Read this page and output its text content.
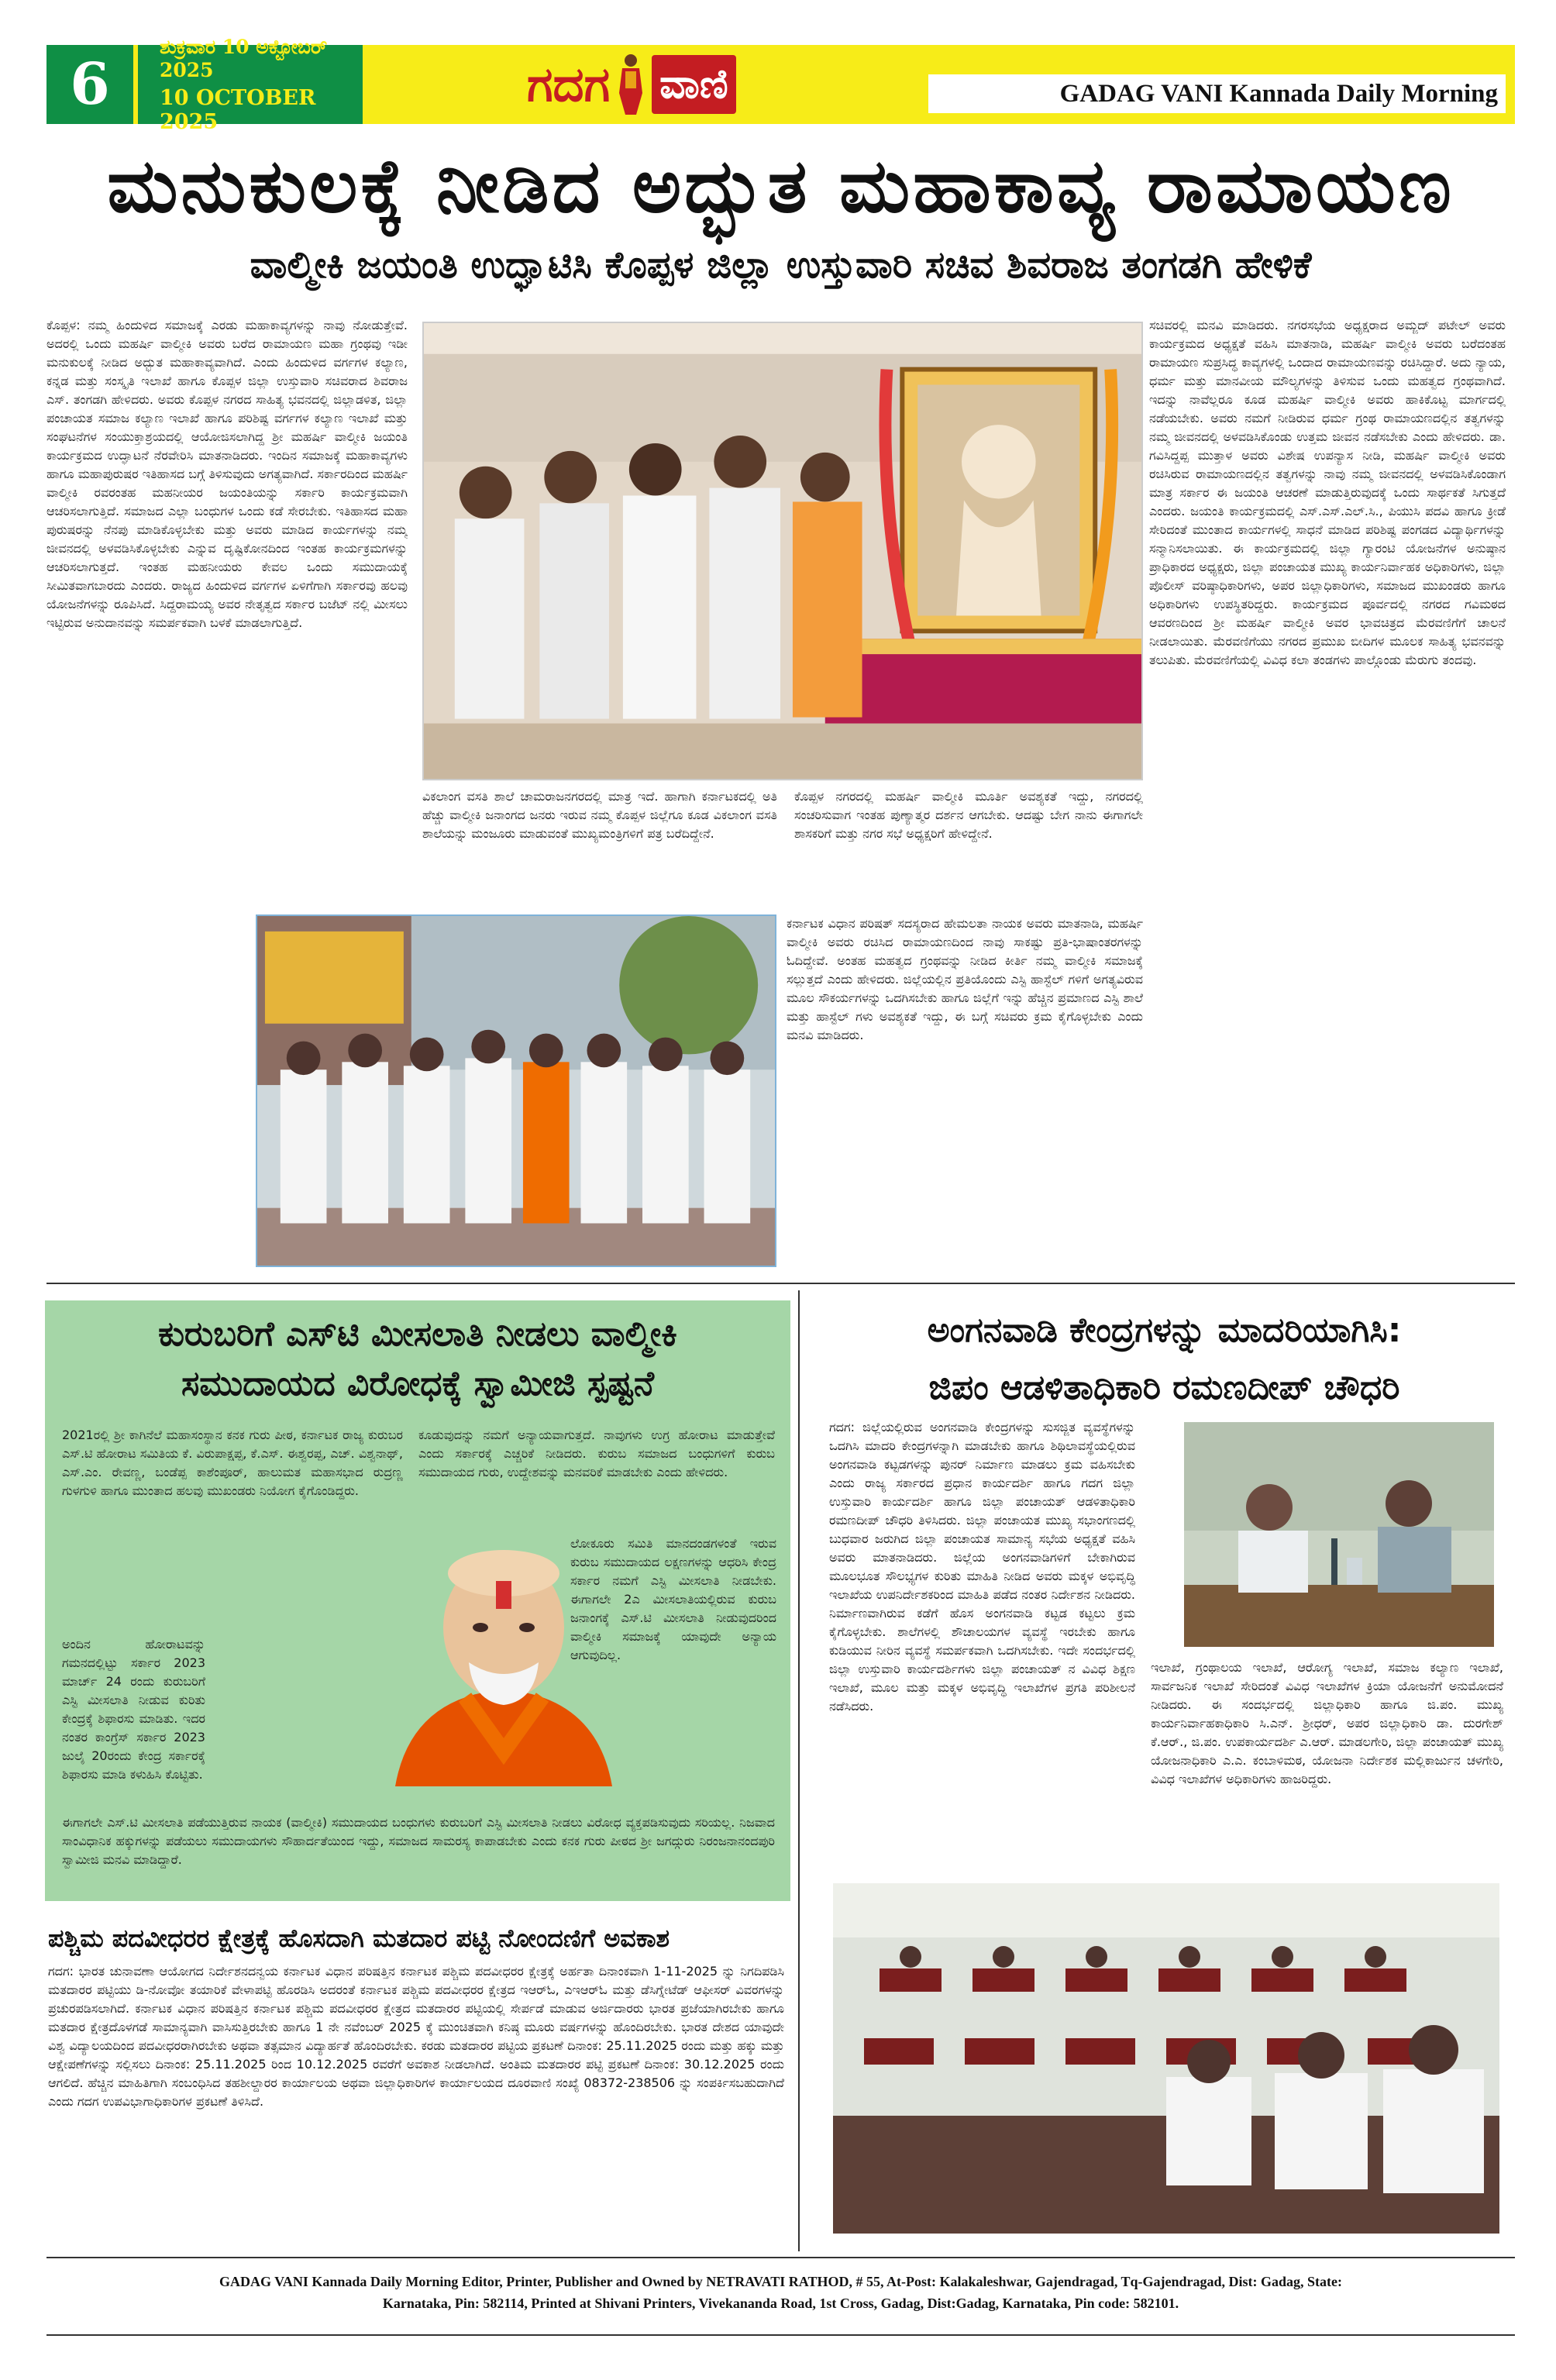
6
ಶುಕ್ರವಾರ 10 ಅಕ್ಟೋಬರ್ 2025
10 OCTOBER 2025
ಗದಗ ವಾಣಿ	GADAG VANI Kannada Daily Morning
ಮನುಕುಲಕ್ಕೆ ನೀಡಿದ ಅದ್ಭುತ ಮಹಾಕಾವ್ಯ ರಾಮಾಯಣ
ವಾಲ್ಮೀಕಿ ಜಯಂತಿ ಉದ್ಘಾಟಿಸಿ ಕೊಪ್ಪಳ ಜಿಲ್ಲಾ ಉಸ್ತುವಾರಿ ಸಚಿವ ಶಿವರಾಜ ತಂಗಡಗಿ ಹೇಳಿಕೆ

ಕೊಪ್ಪಳ: ನಮ್ಮ ಹಿಂದುಳಿದ ಸಮಾಜಕ್ಕೆ ಎರಡು ಮಹಾಕಾವ್ಯಗಳನ್ನು ನಾವು ನೋಡುತ್ತೇವೆ. ಅದರಲ್ಲಿ ಒಂದು ಮಹರ್ಷಿ ವಾಲ್ಮೀಕಿ ಅವರು ಬರೆದ ರಾಮಾಯಣ ಮಹಾ ಗ್ರಂಥವು ಇಡೀ ಮನುಕುಲಕ್ಕೆ ನೀಡಿದ ಅದ್ಭುತ ಮಹಾಕಾವ್ಯವಾಗಿದೆ. ಎಂದು ಹಿಂದುಳಿದ ವರ್ಗಗಳ ಕಲ್ಯಾಣ, ಕನ್ನಡ ಮತ್ತು ಸಂಸ್ಕೃತಿ ಇಲಾಖೆ ಹಾಗೂ ಕೊಪ್ಪಳ ಜಿಲ್ಲಾ ಉಸ್ತುವಾರಿ ಸಚಿವರಾದ ಶಿವರಾಜ ಎಸ್. ತಂಗಡಗಿ ಹೇಳಿದರು. ಅವರು ಕೊಪ್ಪಳ ನಗರದ ಸಾಹಿತ್ಯ ಭವನದಲ್ಲಿ ಜಿಲ್ಲಾಡಳಿತ, ಜಿಲ್ಲಾ ಪಂಚಾಯತ ಸಮಾಜ ಕಲ್ಯಾಣ ಇಲಾಖೆ ಹಾಗೂ ಪರಿಶಿಷ್ಟ ವರ್ಗಗಳ ಕಲ್ಯಾಣ ಇಲಾಖೆ ಮತ್ತು ಸಂಘಟನೆಗಳ ಸಂಯುಕ್ತಾಶ್ರಯದಲ್ಲಿ ಆಯೋಜಿಸಲಾಗಿದ್ದ ಶ್ರೀ ಮಹರ್ಷಿ ವಾಲ್ಮೀಕಿ ಜಯಂತಿ ಕಾರ್ಯಕ್ರಮದ ಉದ್ಘಾಟನೆ ನೆರವೇರಿಸಿ ಮಾತನಾಡಿದರು. ಇಂದಿನ ಸಮಾಜಕ್ಕೆ ಮಹಾಕಾವ್ಯಗಳು ಹಾಗೂ ಮಹಾಪುರುಷರ ಇತಿಹಾಸದ ಬಗ್ಗೆ ತಿಳಿಸುವುದು ಅಗತ್ಯವಾಗಿದೆ. ಸರ್ಕಾರದಿಂದ ಮಹರ್ಷಿ ವಾಲ್ಮೀಕಿ ರವರಂತಹ ಮಹನೀಯರ ಜಯಂತಿಯನ್ನು ಸರ್ಕಾರಿ ಕಾರ್ಯಕ್ರಮವಾಗಿ ಆಚರಿಸಲಾಗುತ್ತಿದೆ. ಸಮಾಜದ ಎಲ್ಲಾ ಬಂಧುಗಳ ಒಂದು ಕಡೆ ಸೇರಬೇಕು. ಇತಿಹಾಸದ ಮಹಾ ಪುರುಷರನ್ನು ನೆನಪು ಮಾಡಿಕೊಳ್ಳಬೇಕು ಮತ್ತು ಅವರು ಮಾಡಿದ ಕಾರ್ಯಗಳನ್ನು ನಮ್ಮ ಜೀವನದಲ್ಲಿ ಅಳವಡಿಸಿಕೊಳ್ಳಬೇಕು ಎನ್ನುವ ದೃಷ್ಟಿಕೋನದಿಂದ ಇಂತಹ ಕಾರ್ಯಕ್ರಮಗಳನ್ನು ಆಚರಿಸಲಾಗುತ್ತದೆ. ಇಂತಹ ಮಹನೀಯರು ಕೇವಲ ಒಂದು ಸಮುದಾಯಕ್ಕೆ ಸೀಮಿತವಾಗಬಾರದು ಎಂದರು. ರಾಜ್ಯದ ಹಿಂದುಳಿದ ವರ್ಗಗಳ ಏಳಿಗೆಗಾಗಿ ಸರ್ಕಾರವು ಹಲವು ಯೋಜನೆಗಳನ್ನು ರೂಪಿಸಿದೆ. ಸಿದ್ದರಾಮಯ್ಯ ಅವರ ನೇತೃತ್ವದ ಸರ್ಕಾರ ಬಜೆಟ್ ನಲ್ಲಿ ಮೀಸಲು ಇಟ್ಟಿರುವ ಅನುದಾನವನ್ನು ಸಮರ್ಪಕವಾಗಿ ಬಳಕೆ ಮಾಡಲಾಗುತ್ತಿದೆ.

ವಿಕಲಾಂಗ ವಸತಿ ಶಾಲೆ ಚಾಮರಾಜನಗರದಲ್ಲಿ ಮಾತ್ರ ಇದೆ. ಹಾಗಾಗಿ ಕರ್ನಾಟಕದಲ್ಲಿ ಅತಿ ಹೆಚ್ಚು ವಾಲ್ಮೀಕಿ ಜನಾಂಗದ ಜನರು ಇರುವ ನಮ್ಮ ಕೊಪ್ಪಳ ಜಿಲ್ಲೆಗೂ ಕೂಡ ವಿಕಲಾಂಗ ವಸತಿ ಶಾಲೆಯನ್ನು ಮಂಜೂರು ಮಾಡುವಂತೆ ಮುಖ್ಯಮಂತ್ರಿಗಳಿಗೆ ಪತ್ರ ಬರೆದಿದ್ದೇನೆ.

ಕೊಪ್ಪಳ ನಗರದಲ್ಲಿ ಮಹರ್ಷಿ ವಾಲ್ಮೀಕಿ ಮೂರ್ತಿ ಅವಶ್ಯಕತೆ ಇದ್ದು, ನಗರದಲ್ಲಿ ಸಂಚರಿಸುವಾಗ ಇಂತಹ ಪುಣ್ಯಾತ್ಮರ ದರ್ಶನ ಆಗಬೇಕು. ಆದಷ್ಟು ಬೇಗ ನಾನು ಈಗಾಗಲೇ ಶಾಸಕರಿಗೆ ಮತ್ತು ನಗರ ಸಭೆ ಅಧ್ಯಕ್ಷರಿಗೆ ಹೇಳಿದ್ದೇನೆ.

ಸಚಿವರಲ್ಲಿ ಮನವಿ ಮಾಡಿದರು. ನಗರಸಭೆಯ ಅಧ್ಯಕ್ಷರಾದ ಅಮ್ಜದ್ ಪಟೇಲ್ ಅವರು ಕಾರ್ಯಕ್ರಮದ ಅಧ್ಯಕ್ಷತೆ ವಹಿಸಿ ಮಾತನಾಡಿ, ಮಹರ್ಷಿ ವಾಲ್ಮೀಕಿ ಅವರು ಬರೆದಂತಹ ರಾಮಾಯಣ ಸುಪ್ರಸಿದ್ಧ ಕಾವ್ಯಗಳಲ್ಲಿ ಒಂದಾದ ರಾಮಾಯಣವನ್ನು ರಚಿಸಿದ್ದಾರೆ. ಅದು ನ್ಯಾಯ, ಧರ್ಮ ಮತ್ತು ಮಾನವೀಯ ಮೌಲ್ಯಗಳನ್ನು ತಿಳಿಸುವ ಒಂದು ಮಹತ್ವದ ಗ್ರಂಥವಾಗಿದೆ. ಇದನ್ನು ನಾವೆಲ್ಲರೂ ಕೂಡ ಮಹರ್ಷಿ ವಾಲ್ಮೀಕಿ ಅವರು ಹಾಕಿಕೊಟ್ಟ ಮಾರ್ಗದಲ್ಲಿ ನಡೆಯಬೇಕು. ಅವರು ನಮಗೆ ನೀಡಿರುವ ಧರ್ಮ ಗ್ರಂಥ ರಾಮಾಯಣದಲ್ಲಿನ ತತ್ವಗಳನ್ನು ನಮ್ಮ ಜೀವನದಲ್ಲಿ ಅಳವಡಿಸಿಕೊಂಡು ಉತ್ತಮ ಜೀವನ ನಡೆಸಬೇಕು ಎಂದು ಹೇಳಿದರು. ಡಾ. ಗವಿಸಿದ್ದಪ್ಪ ಮುತ್ತಾಳ ಅವರು ವಿಶೇಷ ಉಪನ್ಯಾಸ ನೀಡಿ, ಮಹರ್ಷಿ ವಾಲ್ಮೀಕಿ ಅವರು ರಚಿಸಿರುವ ರಾಮಾಯಣದಲ್ಲಿನ ತತ್ವಗಳನ್ನು ನಾವು ನಮ್ಮ ಜೀವನದಲ್ಲಿ ಅಳವಡಿಸಿಕೊಂಡಾಗ ಮಾತ್ರ ಸರ್ಕಾರ ಈ ಜಯಂತಿ ಆಚರಣೆ ಮಾಡುತ್ತಿರುವುದಕ್ಕೆ ಒಂದು ಸಾರ್ಥಕತೆ ಸಿಗುತ್ತದೆ ಎಂದರು. ಜಯಂತಿ ಕಾರ್ಯಕ್ರಮದಲ್ಲಿ ಎಸ್.ಎಸ್.ಎಲ್.ಸಿ., ಪಿಯುಸಿ ಪದವಿ ಹಾಗೂ ಕ್ರೀಡೆ ಸೇರಿದಂತೆ ಮುಂತಾದ ಕಾರ್ಯಗಳಲ್ಲಿ ಸಾಧನೆ ಮಾಡಿದ ಪರಿಶಿಷ್ಟ ಪಂಗಡದ ವಿದ್ಯಾರ್ಥಿಗಳನ್ನು ಸನ್ಮಾನಿಸಲಾಯಿತು. ಈ ಕಾರ್ಯಕ್ರಮದಲ್ಲಿ ಜಿಲ್ಲಾ ಗ್ಯಾರಂಟಿ ಯೋಜನೆಗಳ ಅನುಷ್ಠಾನ ಪ್ರಾಧಿಕಾರದ ಅಧ್ಯಕ್ಷರು, ಜಿಲ್ಲಾ ಪಂಚಾಯತ ಮುಖ್ಯ ಕಾರ್ಯನಿರ್ವಾಹಕ ಅಧಿಕಾರಿಗಳು, ಜಿಲ್ಲಾ ಪೊಲೀಸ್ ವರಿಷ್ಠಾಧಿಕಾರಿಗಳು, ಅಪರ ಜಿಲ್ಲಾಧಿಕಾರಿಗಳು, ಸಮಾಜದ ಮುಖಂಡರು ಹಾಗೂ ಅಧಿಕಾರಿಗಳು ಉಪಸ್ಥಿತರಿದ್ದರು. ಕಾರ್ಯಕ್ರಮದ ಪೂರ್ವದಲ್ಲಿ ನಗರದ ಗವಿಮಠದ ಆವರಣದಿಂದ ಶ್ರೀ ಮಹರ್ಷಿ ವಾಲ್ಮೀಕಿ ಅವರ ಭಾವಚಿತ್ರದ ಮೆರವಣಿಗೆಗೆ ಚಾಲನೆ ನೀಡಲಾಯಿತು. ಮೆರವಣಿಗೆಯು ನಗರದ ಪ್ರಮುಖ ಬೀದಿಗಳ ಮೂಲಕ ಸಾಹಿತ್ಯ ಭವನವನ್ನು ತಲುಪಿತು. ಮೆರವಣಿಗೆಯಲ್ಲಿ ವಿವಿಧ ಕಲಾ ತಂಡಗಳು ಪಾಲ್ಗೊಂಡು ಮೆರುಗು ತಂದವು.

ಕರ್ನಾಟಕ ವಿಧಾನ ಪರಿಷತ್ ಸದಸ್ಯರಾದ ಹೇಮಲತಾ ನಾಯಕ ಅವರು ಮಾತನಾಡಿ, ಮಹರ್ಷಿ ವಾಲ್ಮೀಕಿ ಅವರು ರಚಿಸಿದ ರಾಮಾಯಣದಿಂದ ನಾವು ಸಾಕಷ್ಟು ಪ್ರತಿ-ಭಾಷಾಂತರಗಳನ್ನು ಓದಿದ್ದೇವೆ. ಅಂತಹ ಮಹತ್ವದ ಗ್ರಂಥವನ್ನು ನೀಡಿದ ಕೀರ್ತಿ ನಮ್ಮ ವಾಲ್ಮೀಕಿ ಸಮಾಜಕ್ಕೆ ಸಲ್ಲುತ್ತದೆ ಎಂದು ಹೇಳಿದರು. ಜಿಲ್ಲೆಯಲ್ಲಿನ ಪ್ರತಿಯೊಂದು ಎಸ್ಟಿ ಹಾಸ್ಟೆಲ್ ಗಳಿಗೆ ಅಗತ್ಯವಿರುವ ಮೂಲ ಸೌಕರ್ಯಗಳನ್ನು ಒದಗಿಸಬೇಕು ಹಾಗೂ ಜಿಲ್ಲೆಗೆ ಇನ್ನು ಹೆಚ್ಚಿನ ಪ್ರಮಾಣದ ಎಸ್ಟಿ ಶಾಲೆ ಮತ್ತು ಹಾಸ್ಟೆಲ್ ಗಳು ಅವಶ್ಯಕತೆ ಇದ್ದು, ಈ ಬಗ್ಗೆ ಸಚಿವರು ಕ್ರಮ ಕೈಗೊಳ್ಳಬೇಕು ಎಂದು ಮನವಿ ಮಾಡಿದರು.

ಕುರುಬರಿಗೆ ಎಸ್‌ಟಿ ಮೀಸಲಾತಿ ನೀಡಲು ವಾಲ್ಮೀಕಿ
ಸಮುದಾಯದ ವಿರೋಧಕ್ಕೆ ಸ್ವಾಮೀಜಿ ಸ್ಪಷ್ಟನೆ
2021ರಲ್ಲಿ ಶ್ರೀ ಕಾಗಿನೆಲೆ ಮಹಾಸಂಸ್ಥಾನ ಕನಕ ಗುರು ಪೀಠ, ಕರ್ನಾಟಕ ರಾಜ್ಯ ಕುರುಬರ ಎಸ್.ಟಿ ಹೋರಾಟ ಸಮಿತಿಯ ಕೆ. ವಿರುಪಾಕ್ಷಪ್ಪ, ಕೆ.ಎಸ್. ಈಶ್ವರಪ್ಪ, ಎಚ್. ವಿಶ್ವನಾಥ್, ಎಸ್.ಎಂ. ರೇವಣ್ಣ, ಬಂಡೆಪ್ಪ ಕಾಶೆಂಪೂರ್, ಹಾಲುಮತ ಮಹಾಸಭಾದ ರುದ್ರಣ್ಣ ಗುಳಗುಳಿ ಹಾಗೂ ಮುಂತಾದ ಹಲವು ಮುಖಂಡರು ನಿಯೋಗ ಕೈಗೊಂಡಿದ್ದರು.
ಕೂಡುವುದನ್ನು ನಮಗೆ ಅನ್ಯಾಯವಾಗುತ್ತದೆ. ನಾವುಗಳು ಉಗ್ರ ಹೋರಾಟ ಮಾಡುತ್ತೇವೆ ಎಂದು ಸರ್ಕಾರಕ್ಕೆ ಎಚ್ಚರಿಕೆ ನೀಡಿದರು. ಕುರುಬ ಸಮಾಜದ ಬಂಧುಗಳಿಗೆ ಕುರುಬ ಸಮುದಾಯದ ಗುರು, ಉದ್ದೇಶವನ್ನು ಮನವರಿಕೆ ಮಾಡಬೇಕು ಎಂದು ಹೇಳಿದರು.
ಅಂದಿನ ಹೋರಾಟವನ್ನು ಗಮನದಲ್ಲಿಟ್ಟು ಸರ್ಕಾರ 2023 ಮಾರ್ಚ್ 24 ರಂದು ಕುರುಬರಿಗೆ ಎಸ್ಟಿ ಮೀಸಲಾತಿ ನೀಡುವ ಕುರಿತು ಕೇಂದ್ರಕ್ಕೆ ಶಿಫಾರಸು ಮಾಡಿತು. ಇದರ ನಂತರ ಕಾಂಗ್ರೆಸ್ ಸರ್ಕಾರ 2023 ಜುಲೈ 20ರಂದು ಕೇಂದ್ರ ಸರ್ಕಾರಕ್ಕೆ ಶಿಫಾರಸು ಮಾಡಿ ಕಳುಹಿಸಿ ಕೊಟ್ಟಿತು.
ಲೋಕೂರು ಸಮಿತಿ ಮಾನದಂಡಗಳಂತೆ ಇರುವ ಕುರುಬ ಸಮುದಾಯದ ಲಕ್ಷಣಗಳನ್ನು ಆಧರಿಸಿ ಕೇಂದ್ರ ಸರ್ಕಾರ ನಮಗೆ ಎಸ್ಟಿ ಮೀಸಲಾತಿ ನೀಡಬೇಕು. ಈಗಾಗಲೇ 2ಎ ಮೀಸಲಾತಿಯಲ್ಲಿರುವ ಕುರುಬ ಜನಾಂಗಕ್ಕೆ ಎಸ್.ಟಿ ಮೀಸಲಾತಿ ನೀಡುವುದರಿಂದ ವಾಲ್ಮೀಕಿ ಸಮಾಜಕ್ಕೆ ಯಾವುದೇ ಅನ್ಯಾಯ ಆಗುವುದಿಲ್ಲ.
ಈಗಾಗಲೇ ಎಸ್.ಟಿ ಮೀಸಲಾತಿ ಪಡೆಯುತ್ತಿರುವ ನಾಯಕ (ವಾಲ್ಮೀಕಿ) ಸಮುದಾಯದ ಬಂಧುಗಳು ಕುರುಬರಿಗೆ ಎಸ್ಟಿ ಮೀಸಲಾತಿ ನೀಡಲು ವಿರೋಧ ವ್ಯಕ್ತಪಡಿಸುವುದು ಸರಿಯಲ್ಲ. ನಿಜವಾದ ಸಾಂವಿಧಾನಿಕ ಹಕ್ಕುಗಳನ್ನು ಪಡೆಯಲು ಸಮುದಾಯಗಳು ಸೌಹಾರ್ದತೆಯಿಂದ ಇದ್ದು, ಸಮಾಜದ ಸಾಮರಸ್ಯ ಕಾಪಾಡಬೇಕು ಎಂದು ಕನಕ ಗುರು ಪೀಠದ ಶ್ರೀ ಜಗದ್ಗುರು ನಿರಂಜನಾನಂದಪುರಿ ಸ್ವಾಮೀಜಿ ಮನವಿ ಮಾಡಿದ್ದಾರೆ.
ಪಶ್ಚಿಮ ಪದವೀಧರರ ಕ್ಷೇತ್ರಕ್ಕೆ ಹೊಸದಾಗಿ ಮತದಾರ ಪಟ್ಟಿ ನೋಂದಣಿಗೆ ಅವಕಾಶ
ಗದಗ: ಭಾರತ ಚುನಾವಣಾ ಆಯೋಗದ ನಿರ್ದೇಶನದನ್ವಯ ಕರ್ನಾಟಕ ವಿಧಾನ ಪರಿಷತ್ತಿನ ಕರ್ನಾಟಕ ಪಶ್ಚಿಮ ಪದವೀಧರರ ಕ್ಷೇತ್ರಕ್ಕೆ ಅರ್ಹತಾ ದಿನಾಂಕವಾಗಿ 1-11-2025 ನ್ನು ನಿಗದಿಪಡಿಸಿ ಮತದಾರರ ಪಟ್ಟಿಯು ಡಿ-ನೋವೋ ತಯಾರಿಕೆ ವೇಳಾಪಟ್ಟಿ ಹೊರಡಿಸಿ ಅದರಂತೆ ಕರ್ನಾಟಕ ಪಶ್ಚಿಮ ಪದವೀಧರರ ಕ್ಷೇತ್ರದ ಇಆರ್‌ಓ, ಎಇಆರ್‌ಓ ಮತ್ತು ಡೆಸಿಗ್ನೇಟೆಡ್ ಆಫೀಸರ್ ವಿವರಗಳನ್ನು ಪ್ರಚುರಪಡಿಸಲಾಗಿದೆ. ಕರ್ನಾಟಕ ವಿಧಾನ ಪರಿಷತ್ತಿನ ಕರ್ನಾಟಕ ಪಶ್ಚಿಮ ಪದವೀಧರರ ಕ್ಷೇತ್ರದ ಮತದಾರರ ಪಟ್ಟಿಯಲ್ಲಿ ಸೇರ್ಪಡೆ ಮಾಡುವ ಅರ್ಜಿದಾರರು ಭಾರತ ಪ್ರಜೆಯಾಗಿರಬೇಕು ಹಾಗೂ ಮತದಾರ ಕ್ಷೇತ್ರದೊಳಗಡೆ ಸಾಮಾನ್ಯವಾಗಿ ವಾಸಿಸುತ್ತಿರಬೇಕು ಹಾಗೂ 1 ನೇ ನವೆಂಬರ್ 2025 ಕ್ಕೆ ಮುಂಚಿತವಾಗಿ ಕನಿಷ್ಠ ಮೂರು ವರ್ಷಗಳನ್ನು ಹೊಂದಿರಬೇಕು. ಭಾರತ ದೇಶದ ಯಾವುದೇ ವಿಶ್ವ ವಿದ್ಯಾಲಯದಿಂದ ಪದವೀಧರರಾಗಿರಬೇಕು ಅಥವಾ ತತ್ಸಮಾನ ವಿದ್ಯಾರ್ಹತೆ ಹೊಂದಿರಬೇಕು. ಕರಡು ಮತದಾರರ ಪಟ್ಟಿಯ ಪ್ರಕಟಣೆ ದಿನಾಂಕ: 25.11.2025 ರಂದು ಮತ್ತು ಹಕ್ಕು ಮತ್ತು ಆಕ್ಷೇಪಣೆಗಳನ್ನು ಸಲ್ಲಿಸಲು ದಿನಾಂಕ: 25.11.2025 ರಿಂದ 10.12.2025 ರವರೆಗೆ ಅವಕಾಶ ನೀಡಲಾಗಿದೆ. ಅಂತಿಮ ಮತದಾರರ ಪಟ್ಟಿ ಪ್ರಕಟಣೆ ದಿನಾಂಕ: 30.12.2025 ರಂದು ಆಗಲಿದೆ. ಹೆಚ್ಚಿನ ಮಾಹಿತಿಗಾಗಿ ಸಂಬಂಧಿಸಿದ ತಹಶೀಲ್ದಾರರ ಕಾರ್ಯಾಲಯ ಅಥವಾ ಜಿಲ್ಲಾಧಿಕಾರಿಗಳ ಕಾರ್ಯಾಲಯದ ದೂರವಾಣಿ ಸಂಖ್ಯೆ 08372-238506 ನ್ನು ಸಂಪರ್ಕಿಸಬಹುದಾಗಿದೆ ಎಂದು ಗದಗ ಉಪವಿಭಾಗಾಧಿಕಾರಿಗಳ ಪ್ರಕಟಣೆ ತಿಳಿಸಿದೆ.
ಅಂಗನವಾಡಿ ಕೇಂದ್ರಗಳನ್ನು ಮಾದರಿಯಾಗಿಸಿ:
ಜಿಪಂ ಆಡಳಿತಾಧಿಕಾರಿ ರಮಣದೀಪ್ ಚೌಧರಿ
ಗದಗ: ಜಿಲ್ಲೆಯಲ್ಲಿರುವ ಅಂಗನವಾಡಿ ಕೇಂದ್ರಗಳನ್ನು ಸುಸಜ್ಜಿತ ವ್ಯವಸ್ಥೆಗಳನ್ನು ಒದಗಿಸಿ ಮಾದರಿ ಕೇಂದ್ರಗಳನ್ನಾಗಿ ಮಾಡಬೇಕು ಹಾಗೂ ಶಿಥಿಲಾವಸ್ಥೆಯಲ್ಲಿರುವ ಅಂಗನವಾಡಿ ಕಟ್ಟಡಗಳನ್ನು ಪುನರ್ ನಿರ್ಮಾಣ ಮಾಡಲು ಕ್ರಮ ವಹಿಸಬೇಕು ಎಂದು ರಾಜ್ಯ ಸರ್ಕಾರದ ಪ್ರಧಾನ ಕಾರ್ಯದರ್ಶಿ ಹಾಗೂ ಗದಗ ಜಿಲ್ಲಾ ಉಸ್ತುವಾರಿ ಕಾರ್ಯದರ್ಶಿ ಹಾಗೂ ಜಿಲ್ಲಾ ಪಂಚಾಯತ್ ಆಡಳಿತಾಧಿಕಾರಿ ರಮಣದೀಪ್ ಚೌಧರಿ ತಿಳಿಸಿದರು. ಜಿಲ್ಲಾ ಪಂಚಾಯತ ಮುಖ್ಯ ಸಭಾಂಗಣದಲ್ಲಿ ಬುಧವಾರ ಜರುಗಿದ ಜಿಲ್ಲಾ ಪಂಚಾಯತ ಸಾಮಾನ್ಯ ಸಭೆಯ ಅಧ್ಯಕ್ಷತೆ ವಹಿಸಿ ಅವರು ಮಾತನಾಡಿದರು. ಜಿಲ್ಲೆಯ ಅಂಗನವಾಡಿಗಳಿಗೆ ಬೇಕಾಗಿರುವ ಮೂಲಭೂತ ಸೌಲಭ್ಯಗಳ ಕುರಿತು ಮಾಹಿತಿ ನೀಡಿದ ಅವರು ಮಕ್ಕಳ ಅಭಿವೃದ್ಧಿ ಇಲಾಖೆಯ ಉಪನಿರ್ದೇಶಕರಿಂದ ಮಾಹಿತಿ ಪಡೆದ ನಂತರ ನಿರ್ದೇಶನ ನೀಡಿದರು. ನಿರ್ಮಾಣವಾಗಿರುವ ಕಡೆಗೆ ಹೊಸ ಅಂಗನವಾಡಿ ಕಟ್ಟಡ ಕಟ್ಟಲು ಕ್ರಮ ಕೈಗೊಳ್ಳಬೇಕು. ಶಾಲೆಗಳಲ್ಲಿ ಶೌಚಾಲಯಗಳ ವ್ಯವಸ್ಥೆ ಇರಬೇಕು ಹಾಗೂ ಕುಡಿಯುವ ನೀರಿನ ವ್ಯವಸ್ಥೆ ಸಮರ್ಪಕವಾಗಿ ಒದಗಿಸಬೇಕು. ಇದೇ ಸಂದರ್ಭದಲ್ಲಿ ಜಿಲ್ಲಾ ಉಸ್ತುವಾರಿ ಕಾರ್ಯದರ್ಶಿಗಳು ಜಿಲ್ಲಾ ಪಂಚಾಯತ್ ನ ವಿವಿಧ ಶಿಕ್ಷಣ ಇಲಾಖೆ, ಮೂಲ ಮತ್ತು ಮಕ್ಕಳ ಅಭಿವೃದ್ಧಿ ಇಲಾಖೆಗಳ ಪ್ರಗತಿ ಪರಿಶೀಲನೆ ನಡೆಸಿದರು.
ಇಲಾಖೆ, ಗ್ರಂಥಾಲಯ ಇಲಾಖೆ, ಆರೋಗ್ಯ ಇಲಾಖೆ, ಸಮಾಜ ಕಲ್ಯಾಣ ಇಲಾಖೆ, ಸಾರ್ವಜನಿಕ ಇಲಾಖೆ ಸೇರಿದಂತೆ ವಿವಿಧ ಇಲಾಖೆಗಳ ಕ್ರಿಯಾ ಯೋಜನೆಗೆ ಅನುಮೋದನೆ ನೀಡಿದರು. ಈ ಸಂದರ್ಭದಲ್ಲಿ ಜಿಲ್ಲಾಧಿಕಾರಿ ಹಾಗೂ ಜಿ.ಪಂ. ಮುಖ್ಯ ಕಾರ್ಯನಿರ್ವಾಹಕಾಧಿಕಾರಿ ಸಿ.ಎನ್. ಶ್ರೀಧರ್, ಅಪರ ಜಿಲ್ಲಾಧಿಕಾರಿ ಡಾ. ದುರಗೇಶ್ ಕೆ.ಆರ್., ಜಿ.ಪಂ. ಉಪಕಾರ್ಯದರ್ಶಿ ಎ.ಆರ್. ಮಾಡಲಗೇರಿ, ಜಿಲ್ಲಾ ಪಂಚಾಯತ್ ಮುಖ್ಯ ಯೋಜನಾಧಿಕಾರಿ ಎ.ಎ. ಕಂಬಾಳಿಮಠ, ಯೋಜನಾ ನಿರ್ದೇಶಕ ಮಲ್ಲಿಕಾರ್ಜುನ ಚಳಗೇರಿ, ವಿವಿಧ ಇಲಾಖೆಗಳ ಅಧಿಕಾರಿಗಳು ಹಾಜರಿದ್ದರು.
GADAG VANI Kannada Daily Morning Editor, Printer, Publisher and Owned by NETRAVATI RATHOD, # 55, At-Post: Kalakaleshwar, Gajendragad, Tq-Gajendragad, Dist: Gadag, State:
Karnataka, Pin: 582114, Printed at Shivani Printers, Vivekananda Road, 1st Cross, Gadag, Dist:Gadag, Karnataka, Pin code: 582101.
